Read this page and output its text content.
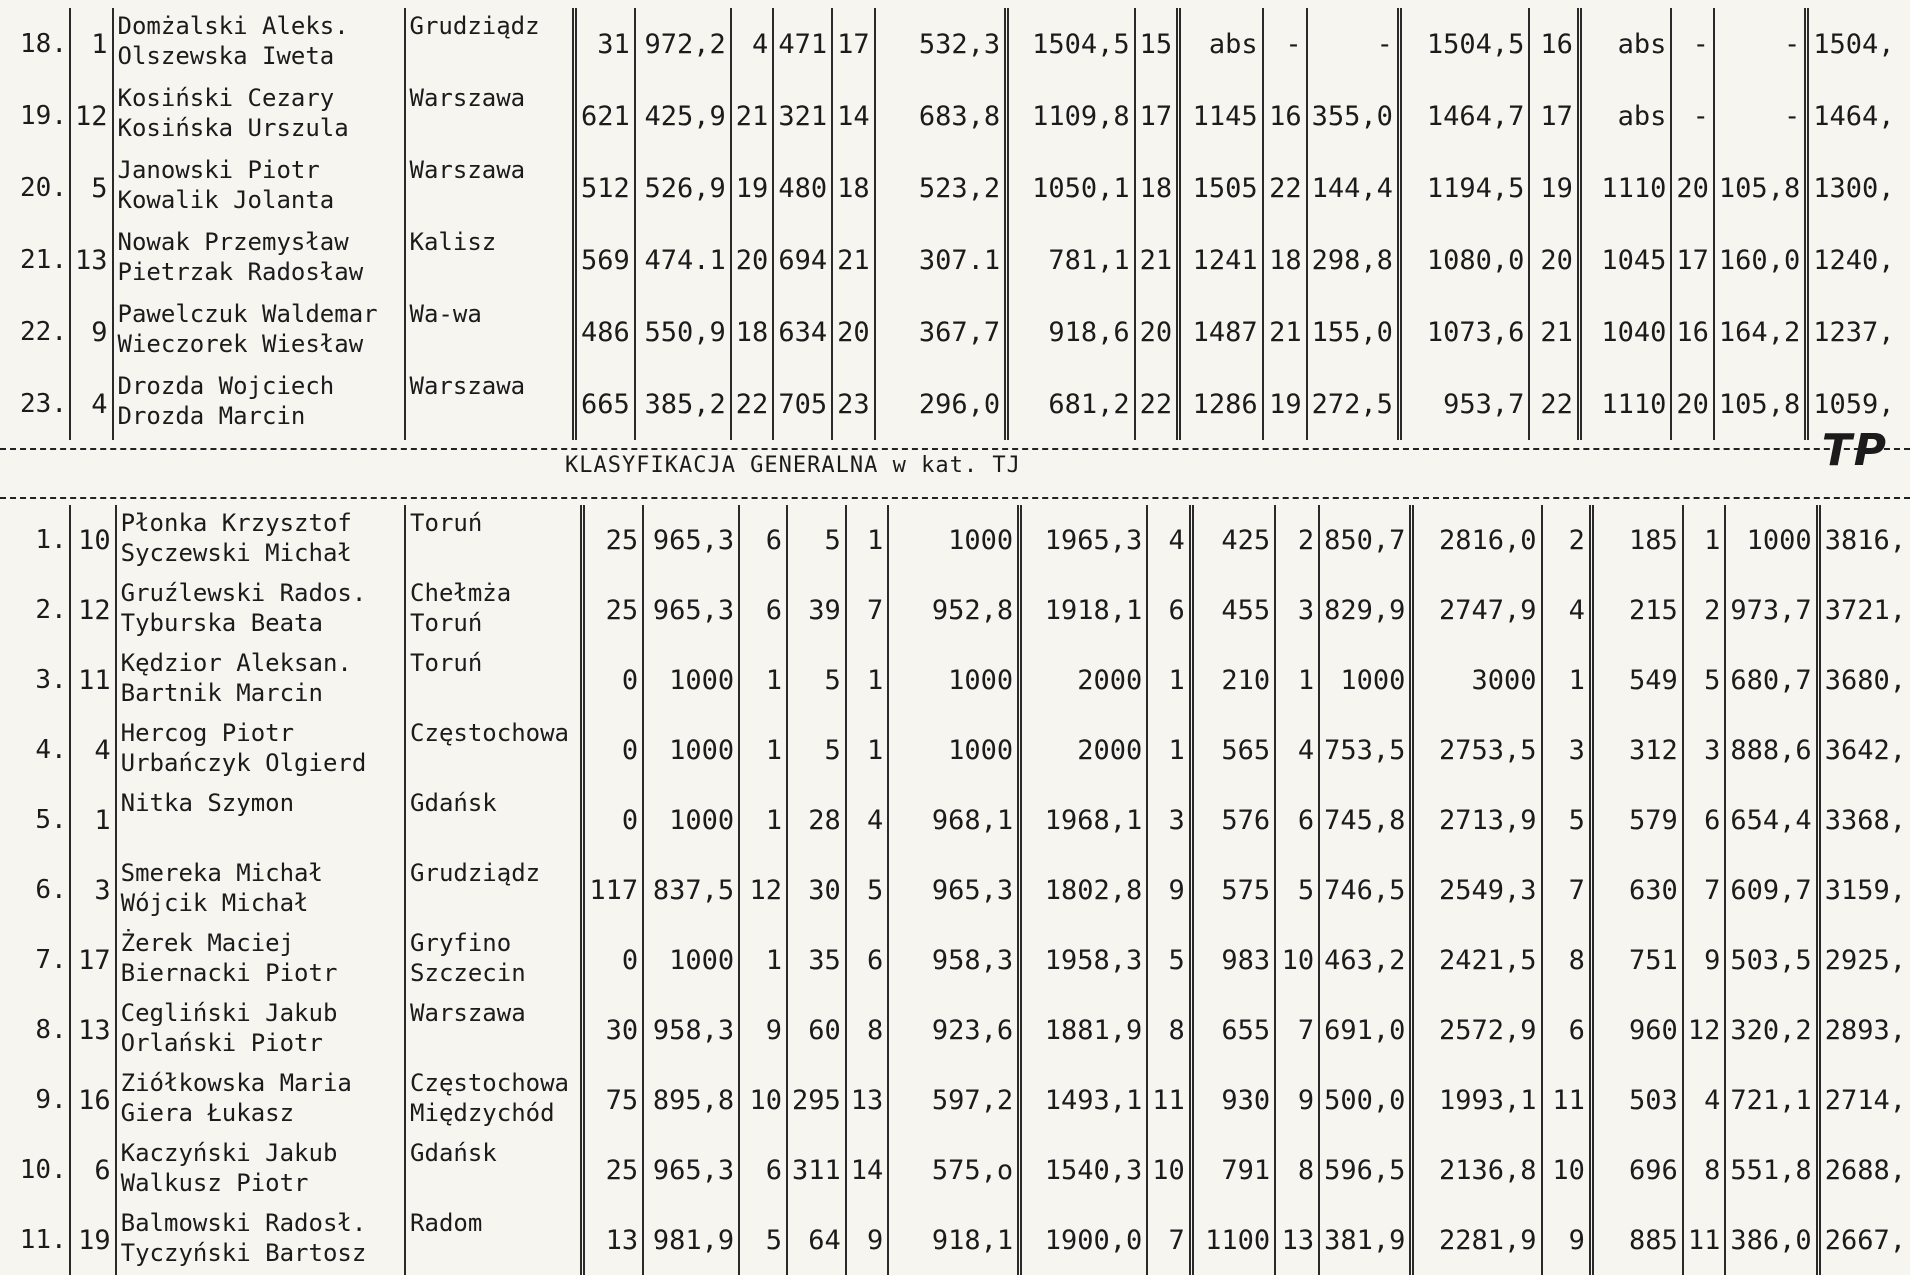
18.	1	Domżalski Aleks.
Olszewska Iweta	Grudziądz	31	972,2	4	471	17	532,3	1504,5	15	abs	-	-	1504,5	16	abs	-	-	1504,
19.	12	Kosiński Cezary
Kosińska Urszula	Warszawa	621	425,9	21	321	14	683,8	1109,8	17	1145	16	355,0	1464,7	17	abs	-	-	1464,
20.	5	Janowski Piotr
Kowalik Jolanta	Warszawa	512	526,9	19	480	18	523,2	1050,1	18	1505	22	144,4	1194,5	19	1110	20	105,8	1300,
21.	13	Nowak Przemysław
Pietrzak Radosław	Kalisz	569	474.1	20	694	21	307.1	781,1	21	1241	18	298,8	1080,0	20	1045	17	160,0	1240,
22.	9	Pawelczuk Waldemar
Wieczorek Wiesław	Wa-wa	486	550,9	18	634	20	367,7	918,6	20	1487	21	155,0	1073,6	21	1040	16	164,2	1237,
23.	4	Drozda Wojciech
Drozda Marcin	Warszawa	665	385,2	22	705	23	296,0	681,2	22	1286	19	272,5	953,7	22	1110	20	105,8	1059,
KLASYFIKACJA GENERALNA w kat. TJ	TP
1.	10	Płonka Krzysztof
Syczewski Michał	Toruń	25	965,3	6	5	1	1000	1965,3	4	425	2	850,7	2816,0	2	185	1	1000	3816,
2.	12	Gruźlewski Rados.
Tyburska Beata	Chełmża
Toruń	25	965,3	6	39	7	952,8	1918,1	6	455	3	829,9	2747,9	4	215	2	973,7	3721,
3.	11	Kędzior Aleksan.
Bartnik Marcin	Toruń	0	1000	1	5	1	1000	2000	1	210	1	1000	3000	1	549	5	680,7	3680,
4.	4	Hercog Piotr
Urbańczyk Olgierd	Częstochowa	0	1000	1	5	1	1000	2000	1	565	4	753,5	2753,5	3	312	3	888,6	3642,
5.	1	Nitka Szymon	Gdańsk	0	1000	1	28	4	968,1	1968,1	3	576	6	745,8	2713,9	5	579	6	654,4	3368,
6.	3	Smereka Michał
Wójcik Michał	Grudziądz	117	837,5	12	30	5	965,3	1802,8	9	575	5	746,5	2549,3	7	630	7	609,7	3159,
7.	17	Żerek Maciej
Biernacki Piotr	Gryfino
Szczecin	0	1000	1	35	6	958,3	1958,3	5	983	10	463,2	2421,5	8	751	9	503,5	2925,
8.	13	Cegliński Jakub
Orlański Piotr	Warszawa	30	958,3	9	60	8	923,6	1881,9	8	655	7	691,0	2572,9	6	960	12	320,2	2893,
9.	16	Ziółkowska Maria
Giera Łukasz	Częstochowa
Międzychód	75	895,8	10	295	13	597,2	1493,1	11	930	9	500,0	1993,1	11	503	4	721,1	2714,
10.	6	Kaczyński Jakub
Walkusz Piotr	Gdańsk	25	965,3	6	311	14	575,o	1540,3	10	791	8	596,5	2136,8	10	696	8	551,8	2688,
11.	19	Balmowski Radosł.
Tyczyński Bartosz	Radom	13	981,9	5	64	9	918,1	1900,0	7	1100	13	381,9	2281,9	9	885	11	386,0	2667,
